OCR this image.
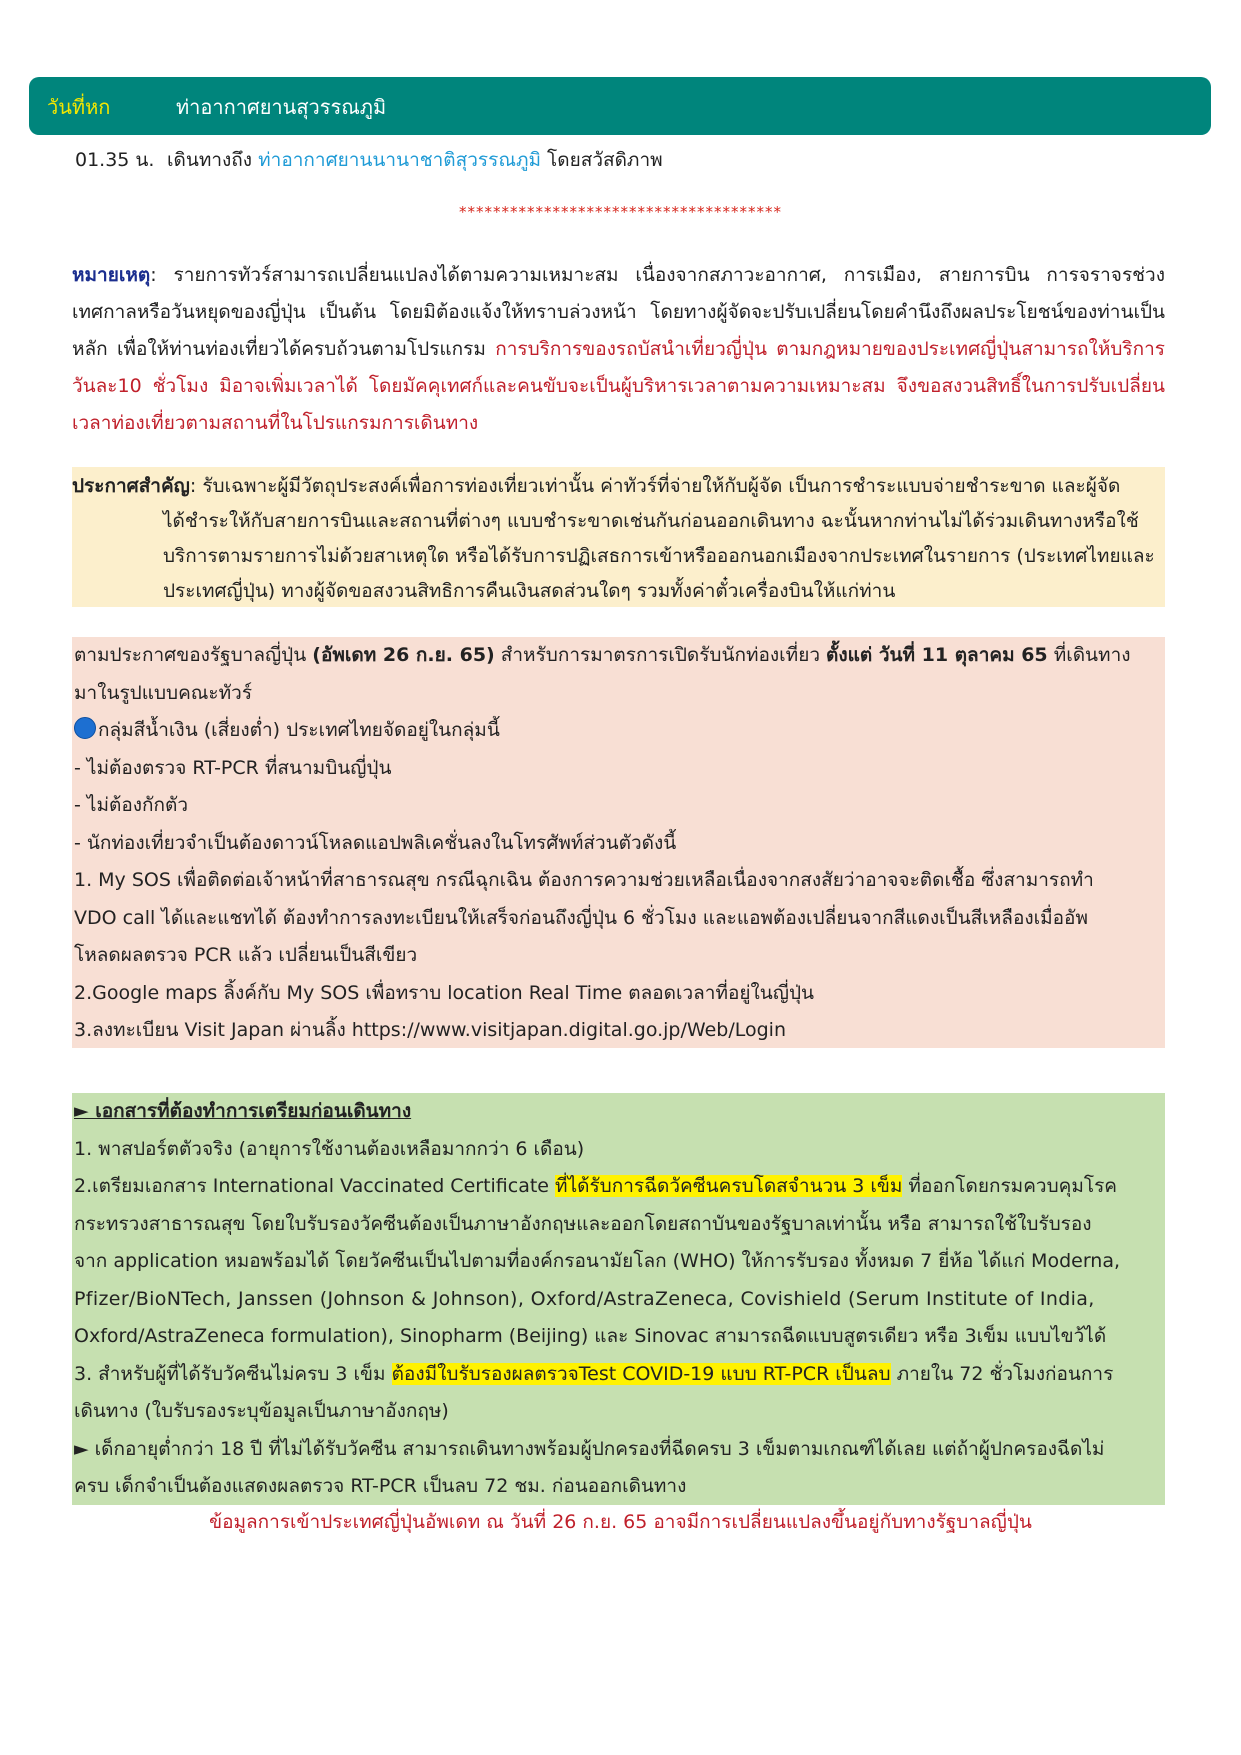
วันที่หก	ท่าอากาศยานสุวรรณภูมิ
01.35 น. เดินทางถึง ท่าอากาศยานนานาชาติสุวรรณภูมิ โดยสวัสดิภาพ
**************************************
หมายเหตุ: รายการทัวร์สามารถเปลี่ยนแปลงได้ตามความเหมาะสม เนื่องจากสภาวะอากาศ, การเมือง, สายการบิน การจราจรช่วงเทศกาลหรือวันหยุดของญี่ปุ่น เป็นต้น โดยมิต้องแจ้งให้ทราบล่วงหน้า โดยทางผู้จัดจะปรับเปลี่ยนโดยคำนึงถึงผลประโยชน์ของท่านเป็นหลัก เพื่อให้ท่านท่องเที่ยวได้ครบถ้วนตามโปรแกรม การบริการของรถบัสนำเที่ยวญี่ปุ่น ตามกฎหมายของประเทศญี่ปุ่นสามารถให้บริการวันละ10 ชั่วโมง มิอาจเพิ่มเวลาได้ โดยมัคคุเทศก์และคนขับจะเป็นผู้บริหารเวลาตามความเหมาะสม จึงขอสงวนสิทธิ์ในการปรับเปลี่ยนเวลาท่องเที่ยวตามสถานที่ในโปรแกรมการเดินทาง
ประกาศสำคัญ: รับเฉพาะผู้มีวัตถุประสงค์เพื่อการท่องเที่ยวเท่านั้น ค่าทัวร์ที่จ่ายให้กับผู้จัด เป็นการชำระแบบจ่ายชำระขาด และผู้จัด
ได้ชำระให้กับสายการบินและสถานที่ต่างๆ แบบชำระขาดเช่นกันก่อนออกเดินทาง ฉะนั้นหากท่านไม่ได้ร่วมเดินทางหรือใช้บริการตามรายการไม่ด้วยสาเหตุใด หรือได้รับการปฏิเสธการเข้าหรือออกนอกเมืองจากประเทศในรายการ (ประเทศไทยและประเทศญี่ปุ่น) ทางผู้จัดขอสงวนสิทธิการคืนเงินสดส่วนใดๆ รวมทั้งค่าตั๋วเครื่องบินให้แก่ท่าน
ตามประกาศของรัฐบาลญี่ปุ่น (อัพเดท 26 ก.ย. 65) สำหรับการมาตรการเปิดรับนักท่องเที่ยว ตั้งแต่ วันที่ 11 ตุลาคม 65 ที่เดินทาง
มาในรูปแบบคณะทัวร์
กลุ่มสีน้ำเงิน (เสี่ยงต่ำ) ประเทศไทยจัดอยู่ในกลุ่มนี้
- ไม่ต้องตรวจ RT-PCR ที่สนามบินญี่ปุ่น
- ไม่ต้องกักตัว
- นักท่องเที่ยวจำเป็นต้องดาวน์โหลดแอปพลิเคชั่นลงในโทรศัพท์ส่วนตัวดังนี้
1. My SOS เพื่อติดต่อเจ้าหน้าที่สาธารณสุข กรณีฉุกเฉิน ต้องการความช่วยเหลือเนื่องจากสงสัยว่าอาจจะติดเชื้อ ซึ่งสามารถทำ
VDO call ได้และแชทได้ ต้องทำการลงทะเบียนให้เสร็จก่อนถึงญี่ปุ่น 6 ชั่วโมง และแอพต้องเปลี่ยนจากสีแดงเป็นสีเหลืองเมื่ออัพ
โหลดผลตรวจ PCR แล้ว เปลี่ยนเป็นสีเขียว
2.Google maps ลิ้งค์กับ My SOS เพื่อทราบ location Real Time ตลอดเวลาที่อยู่ในญี่ปุ่น
3.ลงทะเบียน Visit Japan ผ่านลิ้ง https://www.visitjapan.digital.go.jp/Web/Login
► เอกสารที่ต้องทำการเตรียมก่อนเดินทาง
1. พาสปอร์ตตัวจริง (อายุการใช้งานต้องเหลือมากกว่า 6 เดือน)
2.เตรียมเอกสาร International Vaccinated Certificate ที่ได้รับการฉีดวัคซีนครบโดสจำนวน 3 เข็ม ที่ออกโดยกรมควบคุมโรค
กระทรวงสาธารณสุข โดยใบรับรองวัคซีนต้องเป็นภาษาอังกฤษและออกโดยสถาบันของรัฐบาลเท่านั้น หรือ สามารถใช้ใบรับรอง
จาก application หมอพร้อมได้ โดยวัคซีนเป็นไปตามที่องค์กรอนามัยโลก (WHO) ให้การรับรอง ทั้งหมด 7 ยี่ห้อ ได้แก่ Moderna,
Pfizer/BioNTech, Janssen (Johnson & Johnson), Oxford/AstraZeneca, Covishield (Serum Institute of India,
Oxford/AstraZeneca formulation), Sinopharm (Beijing) และ Sinovac สามารถฉีดแบบสูตรเดียว หรือ 3เข็ม แบบไขว้ได้
3. สำหรับผู้ที่ได้รับวัคซีนไม่ครบ 3 เข็ม ต้องมีใบรับรองผลตรวจTest COVID-19 แบบ RT-PCR เป็นลบ ภายใน 72 ชั่วโมงก่อนการ
เดินทาง (ใบรับรองระบุข้อมูลเป็นภาษาอังกฤษ)
► เด็กอายุต่ำกว่า 18 ปี ที่ไม่ได้รับวัคซีน สามารถเดินทางพร้อมผู้ปกครองที่ฉีดครบ 3 เข็มตามเกณฑ์ได้เลย แต่ถ้าผู้ปกครองฉีดไม่
ครบ เด็กจำเป็นต้องแสดงผลตรวจ RT-PCR เป็นลบ 72 ชม. ก่อนออกเดินทาง
ข้อมูลการเข้าประเทศญี่ปุ่นอัพเดท ณ วันที่ 26 ก.ย. 65 อาจมีการเปลี่ยนแปลงขึ้นอยู่กับทางรัฐบาลญี่ปุ่น
